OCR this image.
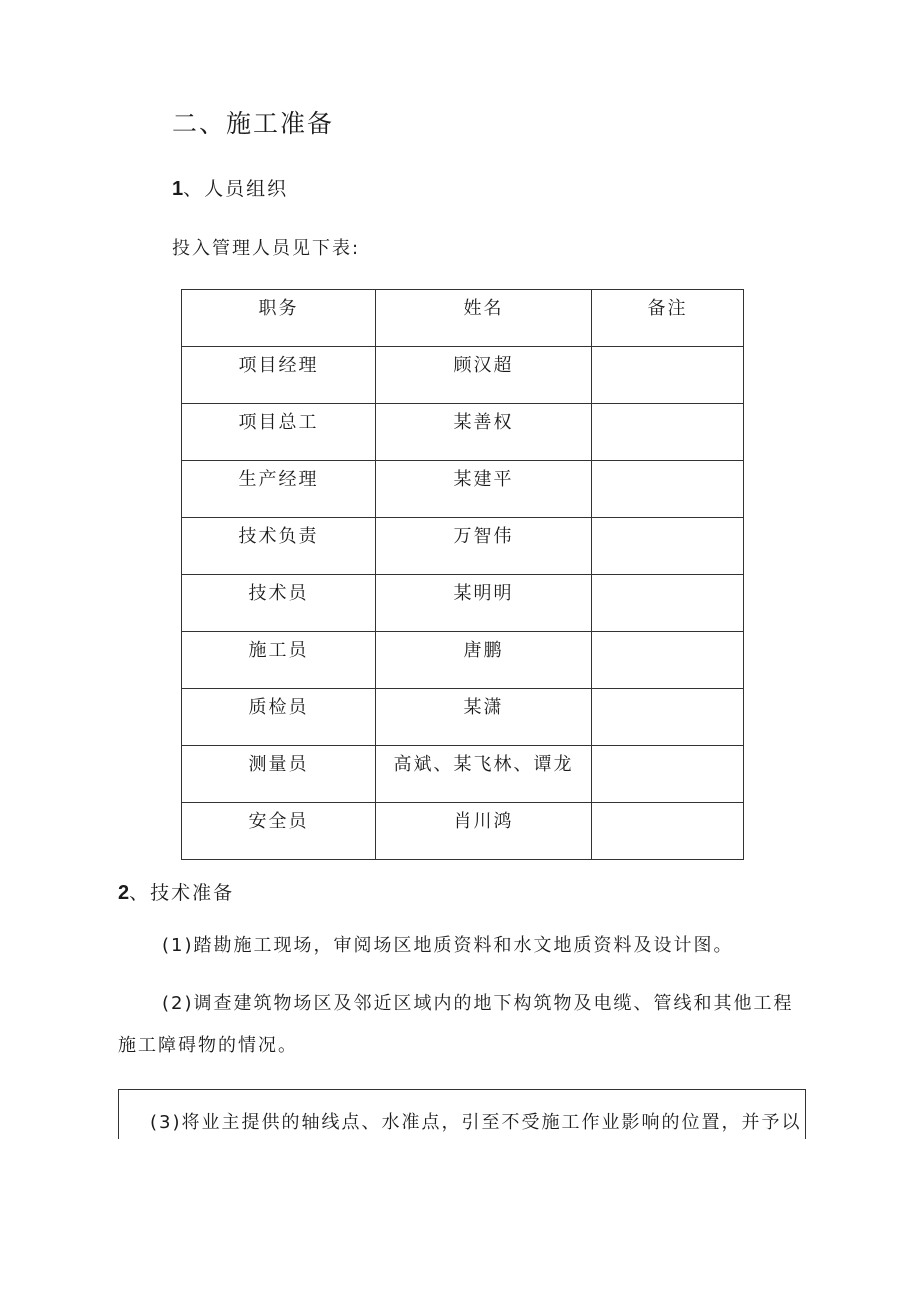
二、施工准备
1、人员组织
投入管理人员见下表:
职务	姓名	备注
项目经理	顾汉超	
项目总工	某善权	
生产经理	某建平	
技术负责	万智伟	
技术员	某明明	
施工员	唐鹏	
质检员	某潇	
测量员	高斌、某飞林、谭龙	
安全员	肖川鸿	
2、技术准备
(1)踏勘施工现场，审阅场区地质资料和水文地质资料及设计图。
(2)调查建筑物场区及邻近区域内的地下构筑物及电缆、管线和其他工程
施工障碍物的情况。
(3)将业主提供的轴线点、水准点，引至不受施工作业影响的位置，并予以
